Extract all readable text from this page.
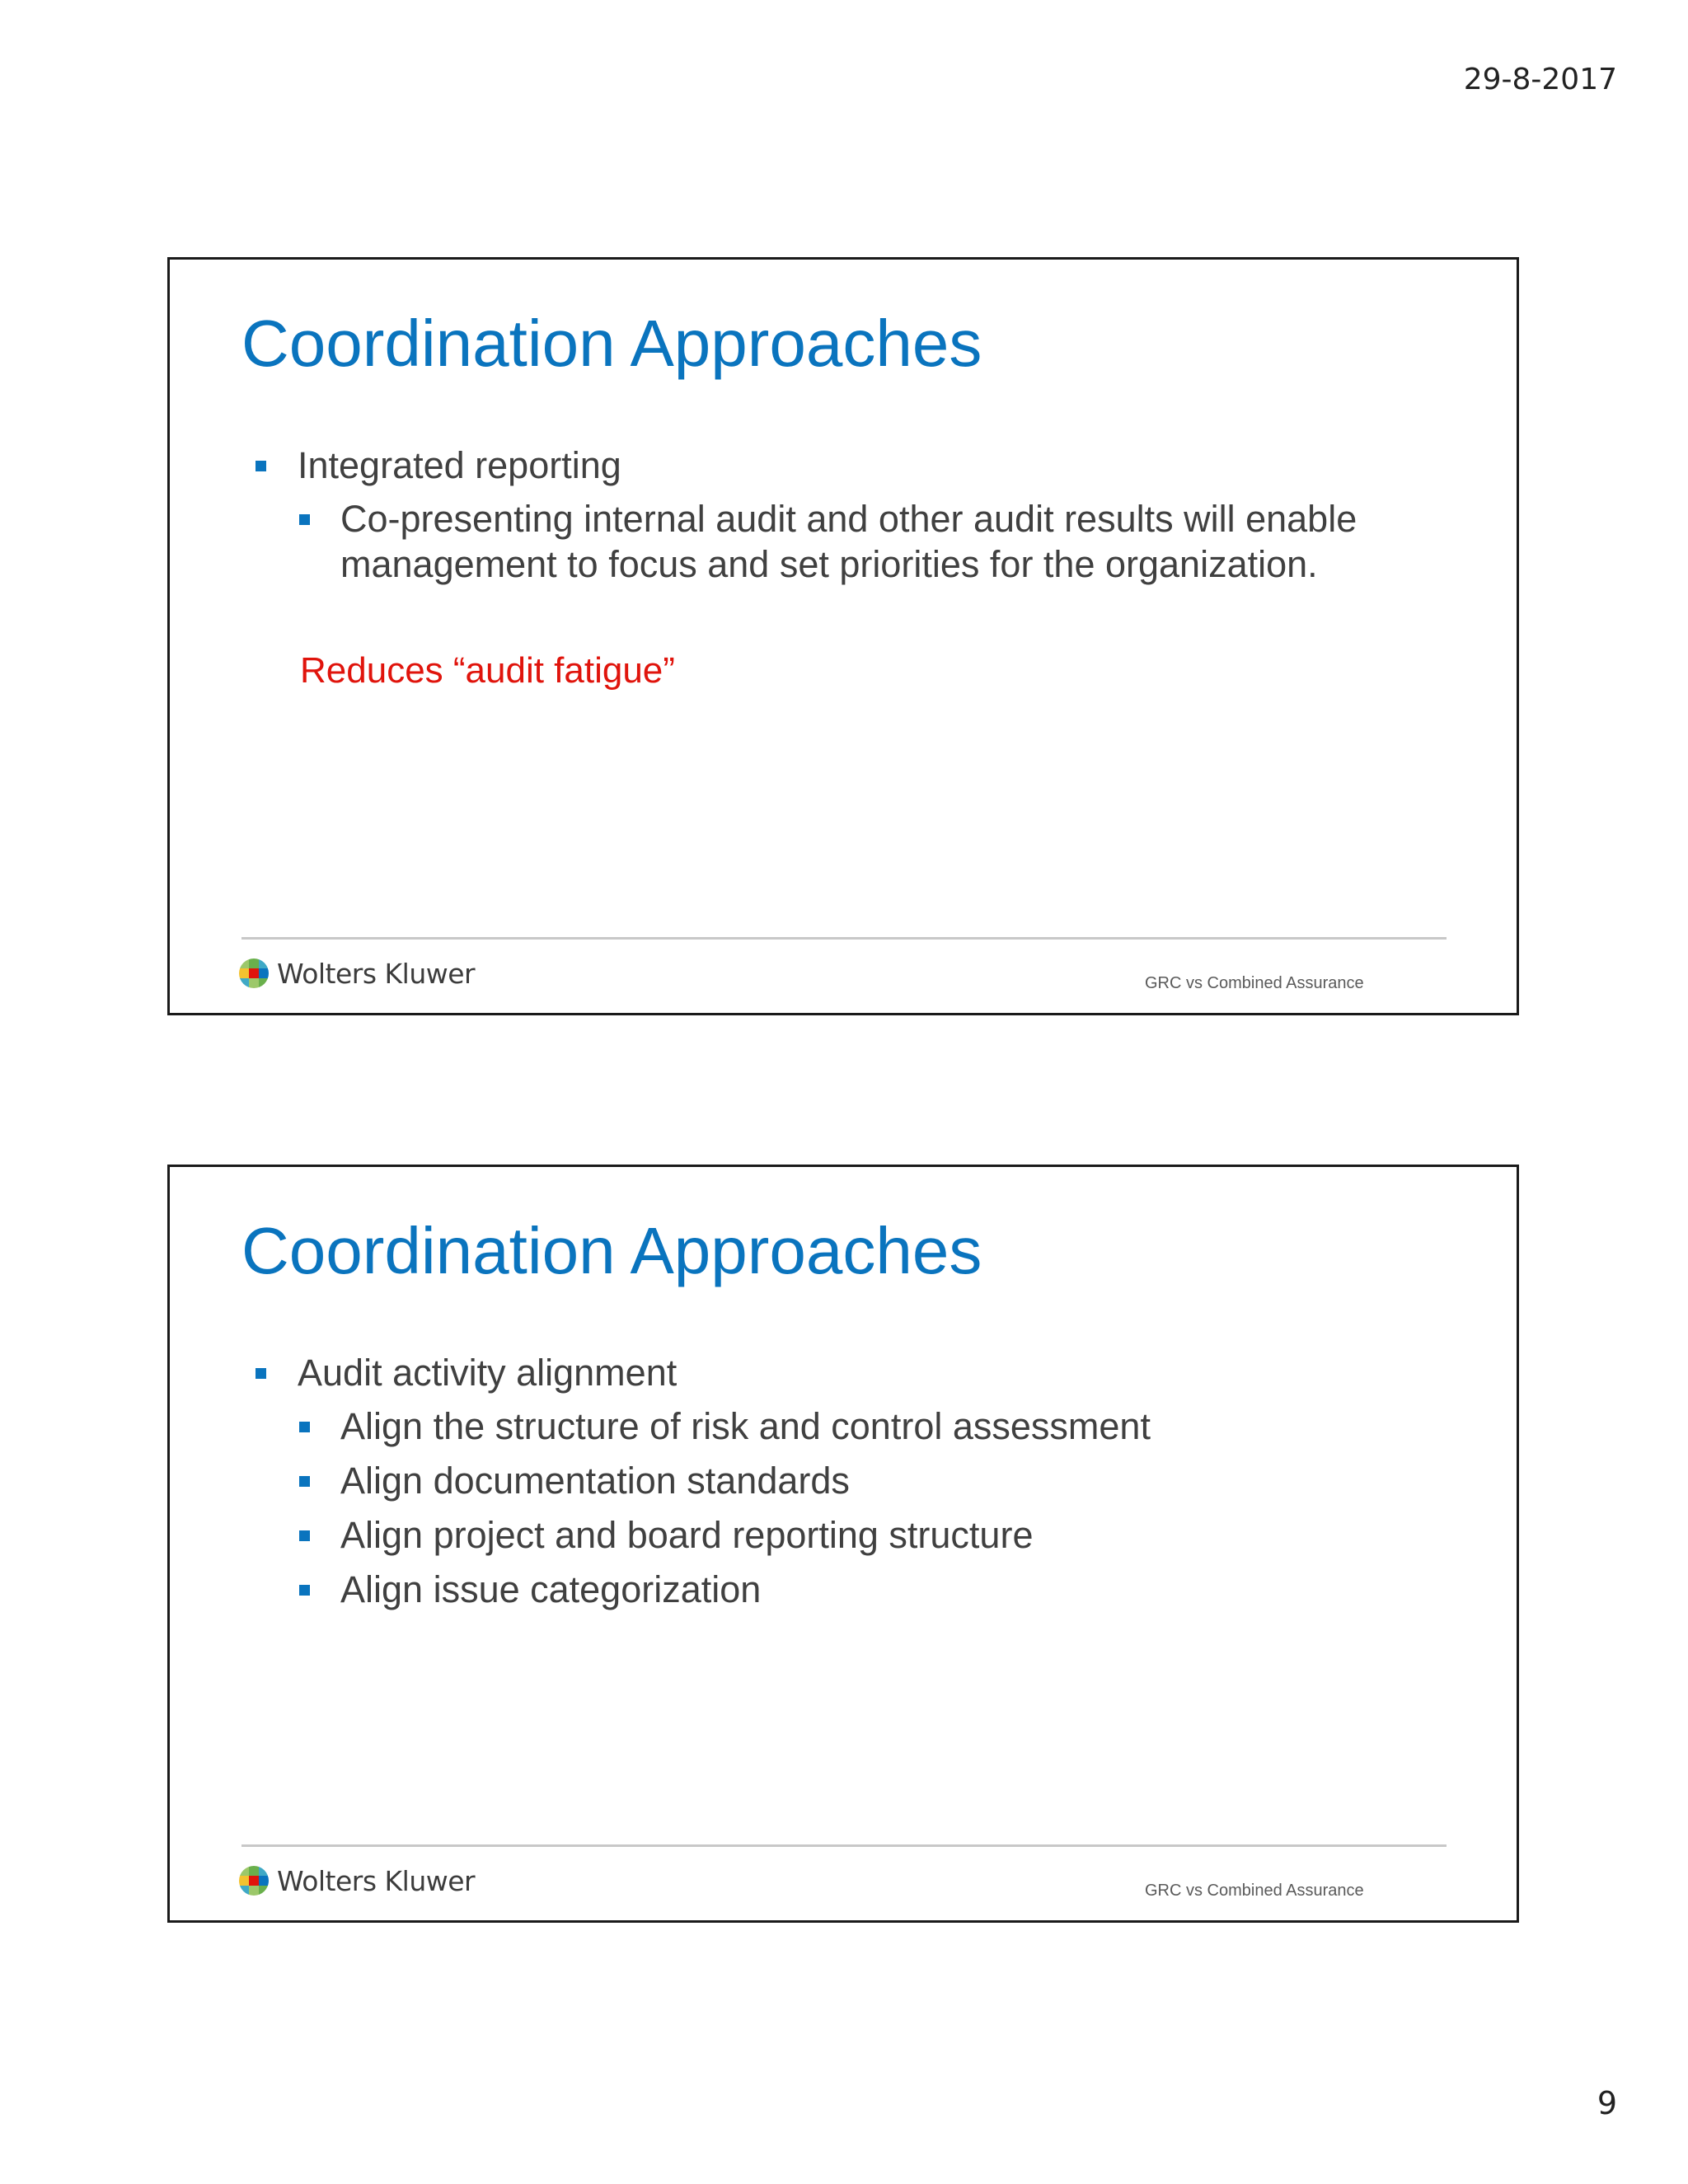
29-8-2017
Coordination Approaches
Integrated reporting
Co-presenting internal audit and other audit results will enable management to focus and set priorities for the organization.
Reduces “audit fatigue”
Wolters Kluwer	GRC vs Combined Assurance
Coordination Approaches
Audit activity alignment
Align the structure of risk and control assessment
Align documentation standards
Align project and board reporting structure
Align issue categorization
Wolters Kluwer	GRC vs Combined Assurance
9
